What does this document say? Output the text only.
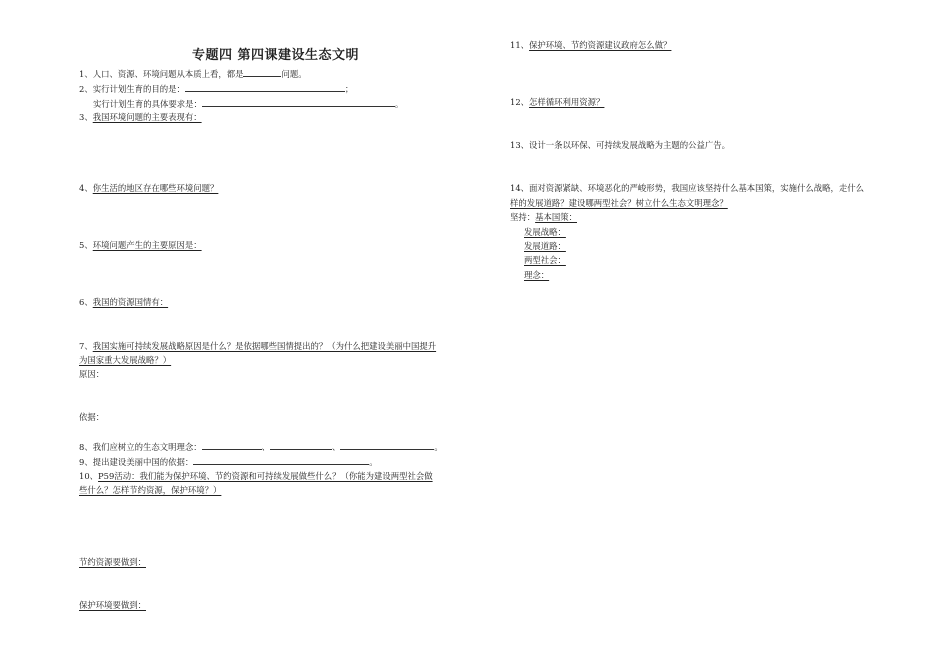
专题四 第四课建设生态文明
1、人口、资源、环境问题从本质上看，都是	问题。
2、实行计划生育的目的是：	；
实行计划生育的具体要求是：	。
3、我国环境问题的主要表现有：
4、你生活的地区存在哪些环境问题？
5、环境问题产生的主要原因是：
6、我国的资源国情有：
7、我国实施可持续发展战略原因是什么？是依据哪些国情提出的？（为什么把建设美丽中国提升
为国家重大发展战略？）
原因：
依据：
8、我们应树立的生态文明理念：	、	、	。
9、提出建设美丽中国的依据：	。
10、P59活动：我们能为保护环境、节约资源和可持续发展做些什么？（你能为建设两型社会做
些什么？怎样节约资源，保护环境？）
节约资源要做到：
保护环境要做到：
11、保护环境、节约资源建议政府怎么做？
12、怎样循环利用资源？
13、设计一条以环保、可持续发展战略为主题的公益广告。
14、面对资源紧缺、环境恶化的严峻形势，我国应该坚持什么基本国策，实施什么战略，走什么
样的发展道路？建设哪两型社会？树立什么生态文明理念？
坚持：基本国策：
发展战略：
发展道路：
两型社会：
理念：
